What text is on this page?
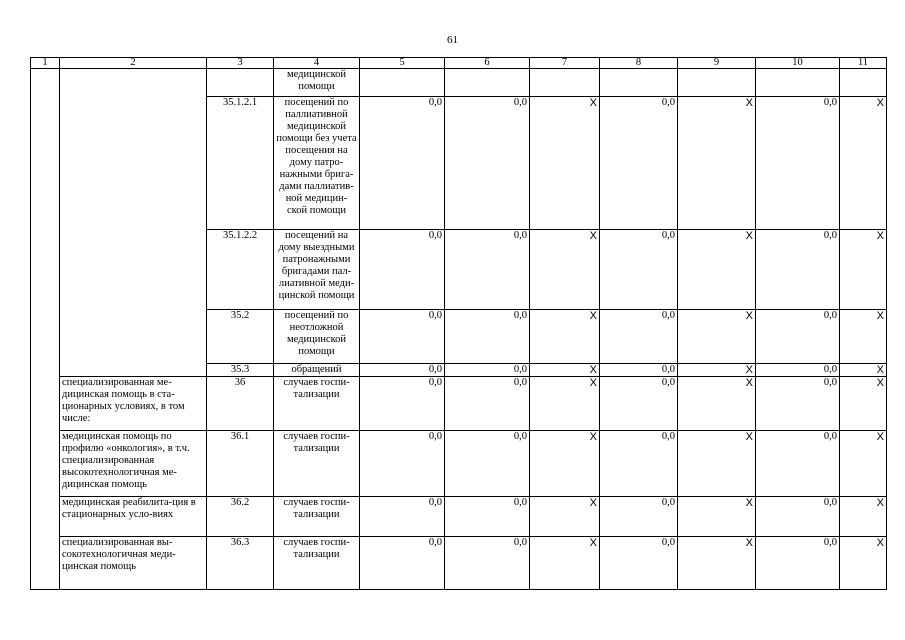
61
1	2	3	4	5	6	7	8	9	10	11
			медицинской помощи							
		35.1.2.1	посещений по паллиативной медицинской помощи без учета посещения на дому патро-нажными брига-дами паллиатив-ной медицин-ской помощи	0,0	0,0	X	0,0	X	0,0	X
		35.1.2.2	посещений на дому выездными патронажными бригадами пал-лиативной меди-цинской помощи	0,0	0,0	X	0,0	X	0,0	X
		35.2	посещений по неотложной медицинской помощи	0,0	0,0	X	0,0	X	0,0	X
		35.3	обращений	0,0	0,0	X	0,0	X	0,0	X
	специализированная ме-дицинская помощь в ста-ционарных условиях, в том числе:	36	случаев госпи-тализации	0,0	0,0	X	0,0	X	0,0	X
	медицинская помощь по профилю «онкология», в т.ч. специализированная высокотехнологичная ме-дицинская помощь	36.1	случаев госпи-тализации	0,0	0,0	X	0,0	X	0,0	X
	медицинская реабилита-ция в стационарных усло-виях	36.2	случаев госпи-тализации	0,0	0,0	X	0,0	X	0,0	X
	специализированная вы-сокотехнологичная меди-цинская помощь	36.3	случаев госпи-тализации	0,0	0,0	X	0,0	X	0,0	X
